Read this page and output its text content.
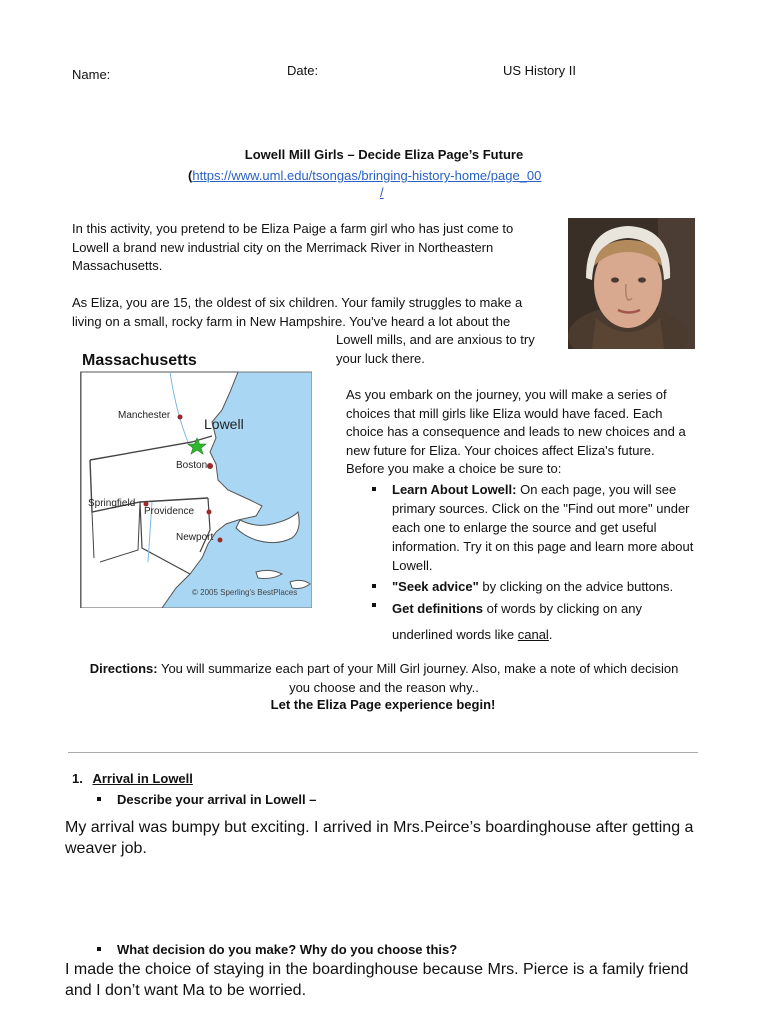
Name:	Date:	US History II
Lowell Mill Girls – Decide Eliza Page’s Future
(https://www.uml.edu/tsongas/bringing-history-home/page_00
/
In this activity, you pretend to be Eliza Paige a farm girl who has just come to Lowell a brand new industrial city on the Merrimack River in Northeastern Massachusetts.
As Eliza, you are 15, the oldest of six children. Your family struggles to make a living on a small, rocky farm in New Hampshire. You've heard a lot about the
Lowell mills, and are anxious to try your luck there.
Massachusetts
Manchester
Lowell
Boston
Springfield
Providence
Newport
© 2005 Sperling's BestPlaces
As you embark on the journey, you will make a series of choices that mill girls like Eliza would have faced. Each choice has a consequence and leads to new choices and a new future for Eliza. Your choices affect Eliza's future. Before you make a choice be sure to:
Learn About Lowell: On each page, you will see primary sources. Click on the "Find out more" under each one to enlarge the source and get useful information. Try it on this page and learn more about Lowell.
"Seek advice" by clicking on the advice buttons.
Get definitions of words by clicking on any underlined words like canal.
Directions: You will summarize each part of your Mill Girl journey. Also, make a note of which decision you choose and the reason why..
Let the Eliza Page experience begin!
1. Arrival in Lowell
Describe your arrival in Lowell –
My arrival was bumpy but exciting. I arrived in Mrs.Peirce’s boardinghouse after getting a weaver job.
What decision do you make? Why do you choose this?
I made the choice of staying in the boardinghouse because Mrs. Pierce is a family friend and I don’t want Ma to be worried.
